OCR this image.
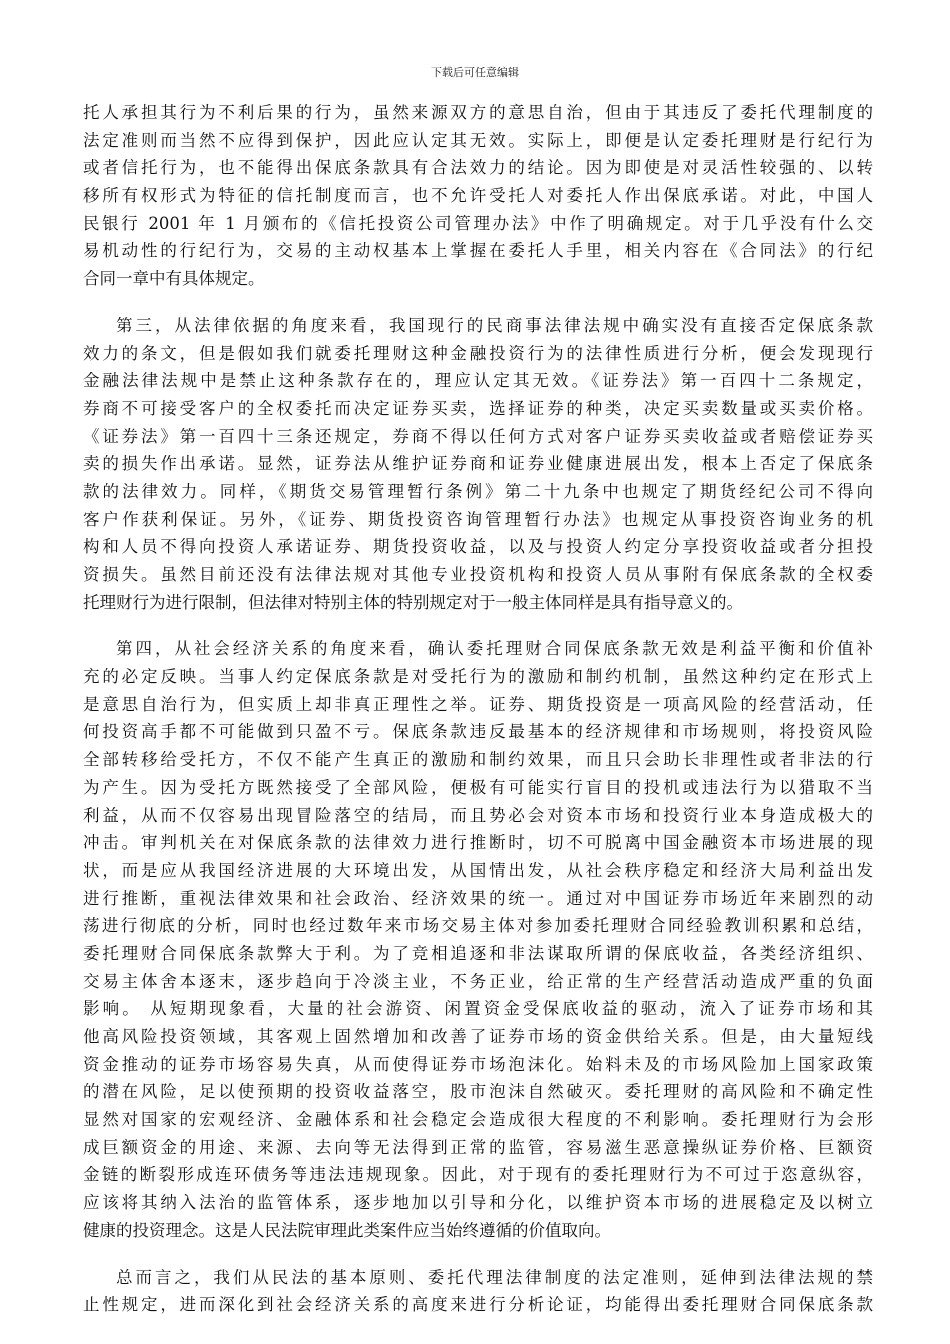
下载后可任意编辑
托人承担其行为不利后果的行为，虽然来源双方的意思自治，但由于其违反了委托代理制度的
法定准则而当然不应得到保护，因此应认定其无效。实际上，即便是认定委托理财是行纪行为
或者信托行为，也不能得出保底条款具有合法效力的结论。因为即使是对灵活性较强的、以转
移所有权形式为特征的信托制度而言，也不允许受托人对委托人作出保底承诺。对此，中国人
民银行 2001 年 1 月颁布的《信托投资公司管理办法》中作了明确规定。对于几乎没有什么交
易机动性的行纪行为，交易的主动权基本上掌握在委托人手里，相关内容在《合同法》的行纪
合同一章中有具体规定。
第三，从法律依据的角度来看，我国现行的民商事法律法规中确实没有直接否定保底条款
效力的条文，但是假如我们就委托理财这种金融投资行为的法律性质进行分析，便会发现现行
金融法律法规中是禁止这种条款存在的，理应认定其无效。《证券法》第一百四十二条规定，
券商不可接受客户的全权委托而决定证券买卖，选择证券的种类，决定买卖数量或买卖价格。
《证券法》第一百四十三条还规定，券商不得以任何方式对客户证券买卖收益或者赔偿证券买
卖的损失作出承诺。显然，证券法从维护证券商和证券业健康进展出发，根本上否定了保底条
款的法律效力。同样，《期货交易管理暂行条例》第二十九条中也规定了期货经纪公司不得向
客户作获利保证。另外，《证券、期货投资咨询管理暂行办法》也规定从事投资咨询业务的机
构和人员不得向投资人承诺证券、期货投资收益，以及与投资人约定分享投资收益或者分担投
资损失。虽然目前还没有法律法规对其他专业投资机构和投资人员从事附有保底条款的全权委
托理财行为进行限制，但法律对特别主体的特别规定对于一般主体同样是具有指导意义的。
第四，从社会经济关系的角度来看，确认委托理财合同保底条款无效是利益平衡和价值补
充的必定反映。当事人约定保底条款是对受托行为的激励和制约机制，虽然这种约定在形式上
是意思自治行为，但实质上却非真正理性之举。证券、期货投资是一项高风险的经营活动，任
何投资高手都不可能做到只盈不亏。保底条款违反最基本的经济规律和市场规则，将投资风险
全部转移给受托方，不仅不能产生真正的激励和制约效果，而且只会助长非理性或者非法的行
为产生。因为受托方既然接受了全部风险，便极有可能实行盲目的投机或违法行为以猎取不当
利益，从而不仅容易出现冒险落空的结局，而且势必会对资本市场和投资行业本身造成极大的
冲击。审判机关在对保底条款的法律效力进行推断时，切不可脱离中国金融资本市场进展的现
状，而是应从我国经济进展的大环境出发，从国情出发，从社会秩序稳定和经济大局利益出发
进行推断，重视法律效果和社会政治、经济效果的统一。通过对中国证券市场近年来剧烈的动
荡进行彻底的分析，同时也经过数年来市场交易主体对参加委托理财合同经验教训积累和总结，
委托理财合同保底条款弊大于利。为了竞相追逐和非法谋取所谓的保底收益，各类经济组织、
交易主体舍本逐末，逐步趋向于冷淡主业，不务正业，给正常的生产经营活动造成严重的负面
影响。 从短期现象看，大量的社会游资、闲置资金受保底收益的驱动，流入了证券市场和其
他高风险投资领域，其客观上固然增加和改善了证券市场的资金供给关系。但是，由大量短线
资金推动的证券市场容易失真，从而使得证券市场泡沫化。始料未及的市场风险加上国家政策
的潜在风险，足以使预期的投资收益落空，股市泡沫自然破灭。委托理财的高风险和不确定性
显然对国家的宏观经济、金融体系和社会稳定会造成很大程度的不利影响。委托理财行为会形
成巨额资金的用途、来源、去向等无法得到正常的监管，容易滋生恶意操纵证券价格、巨额资
金链的断裂形成连环债务等违法违规现象。因此，对于现有的委托理财行为不可过于恣意纵容，
应该将其纳入法治的监管体系，逐步地加以引导和分化，以维护资本市场的进展稳定及以树立
健康的投资理念。这是人民法院审理此类案件应当始终遵循的价值取向。
总而言之，我们从民法的基本原则、委托代理法律制度的法定准则，延伸到法律法规的禁
止性规定，进而深化到社会经济关系的高度来进行分析论证，均能得出委托理财合同保底条款
